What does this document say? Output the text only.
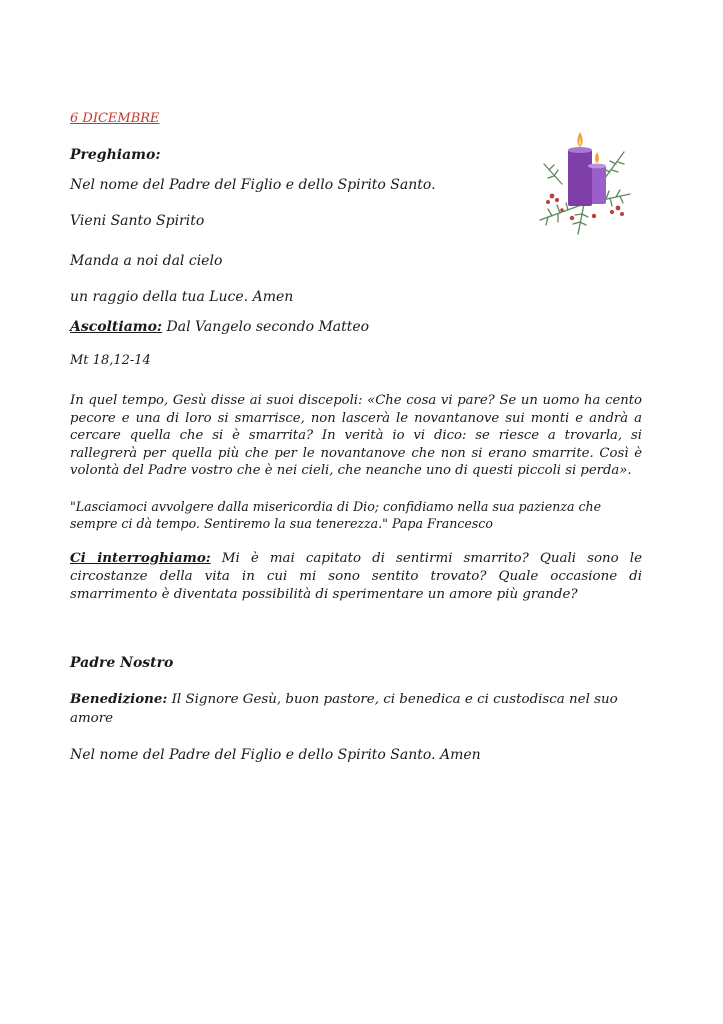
6 DICEMBRE

Preghiamo:

Nel nome del Padre del Figlio e dello Spirito Santo.

Vieni Santo Spirito

Manda a noi dal cielo

un raggio della tua Luce. Amen

Ascoltiamo: Dal Vangelo secondo Matteo

Mt 18,12-14

In quel tempo, Gesù disse ai suoi discepoli: «Che cosa vi pare? Se un uomo ha cento pecore e una di loro si smarrisce, non lascerà le novantanove sui monti e andrà a cercare quella che si è smarrita? In verità io vi dico: se riesce a trovarla, si rallegrerà per quella più che per le novantanove che non si erano smarrite. Così è volontà del Padre vostro che è nei cieli, che neanche uno di questi piccoli si perda».

"Lasciamoci avvolgere dalla misericordia di Dio; confidiamo nella sua pazienza che sempre ci dà tempo. Sentiremo la sua tenerezza." Papa Francesco

Ci interroghiamo: Mi è mai capitato di sentirmi smarrito? Quali sono le circostanze della vita in cui mi sono sentito trovato? Quale occasione di smarrimento è diventata possibilità di sperimentare un amore più grande?

Padre Nostro

Benedizione: Il Signore Gesù, buon pastore, ci benedica e ci custodisca nel suo amore

Nel nome del Padre del Figlio e dello Spirito Santo. Amen
